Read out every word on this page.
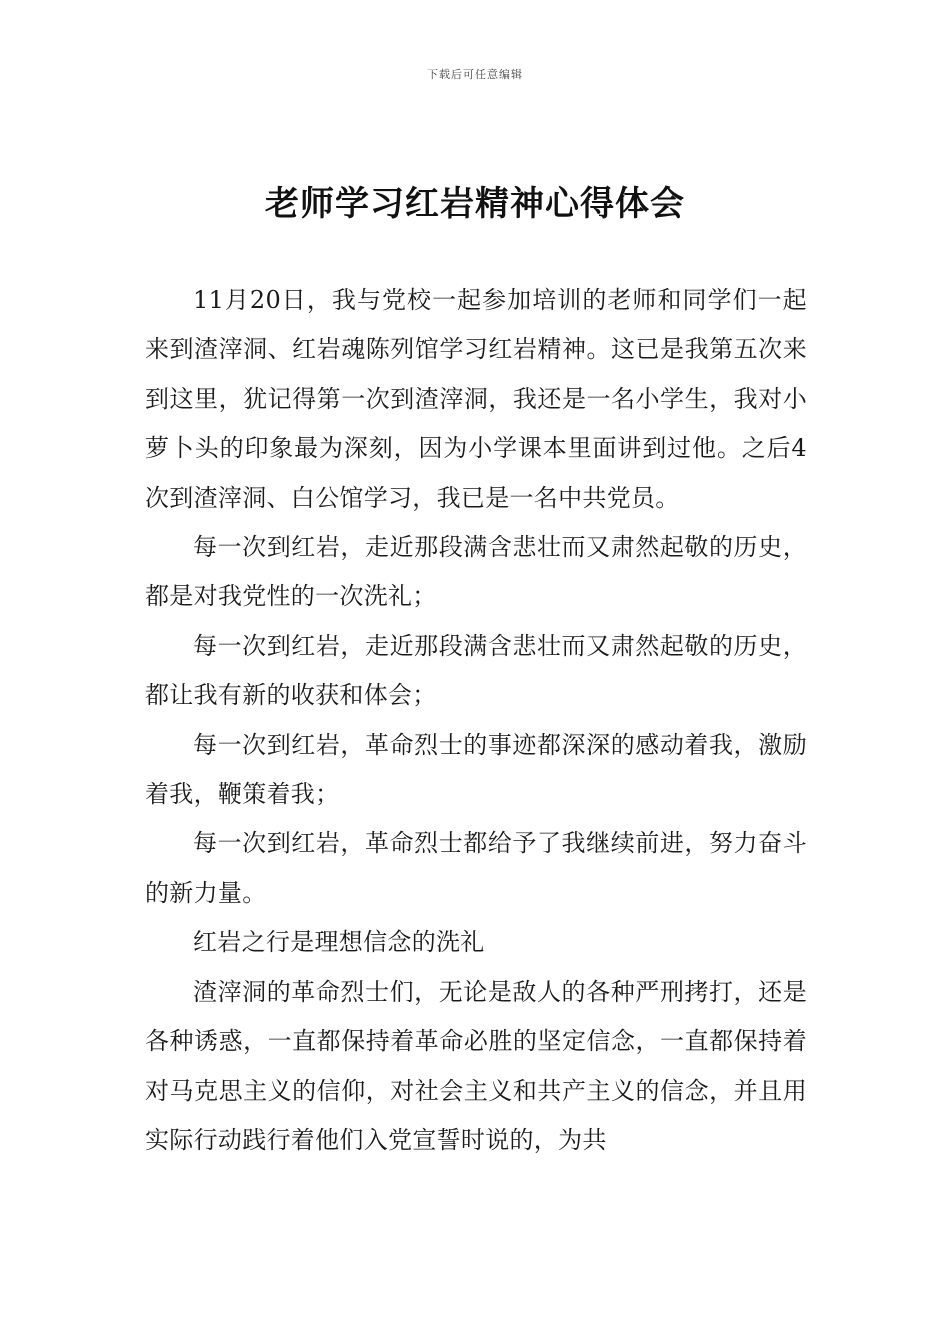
下载后可任意编辑
老师学习红岩精神心得体会

11月20日，我与党校一起参加培训的老师和同学们一起来到渣滓洞、红岩魂陈列馆学习红岩精神。这已是我第五次来到这里，犹记得第一次到渣滓洞，我还是一名小学生，我对小萝卜头的印象最为深刻，因为小学课本里面讲到过他。之后4次到渣滓洞、白公馆学习，我已是一名中共党员。

每一次到红岩，走近那段满含悲壮而又肃然起敬的历史，都是对我党性的一次洗礼；

每一次到红岩，走近那段满含悲壮而又肃然起敬的历史，都让我有新的收获和体会；

每一次到红岩，革命烈士的事迹都深深的感动着我，激励着我，鞭策着我；

每一次到红岩，革命烈士都给予了我继续前进，努力奋斗的新力量。

红岩之行是理想信念的洗礼

渣滓洞的革命烈士们，无论是敌人的各种严刑拷打，还是各种诱惑，一直都保持着革命必胜的坚定信念，一直都保持着对马克思主义的信仰，对社会主义和共产主义的信念，并且用实际行动践行着他们入党宣誓时说的，为共
